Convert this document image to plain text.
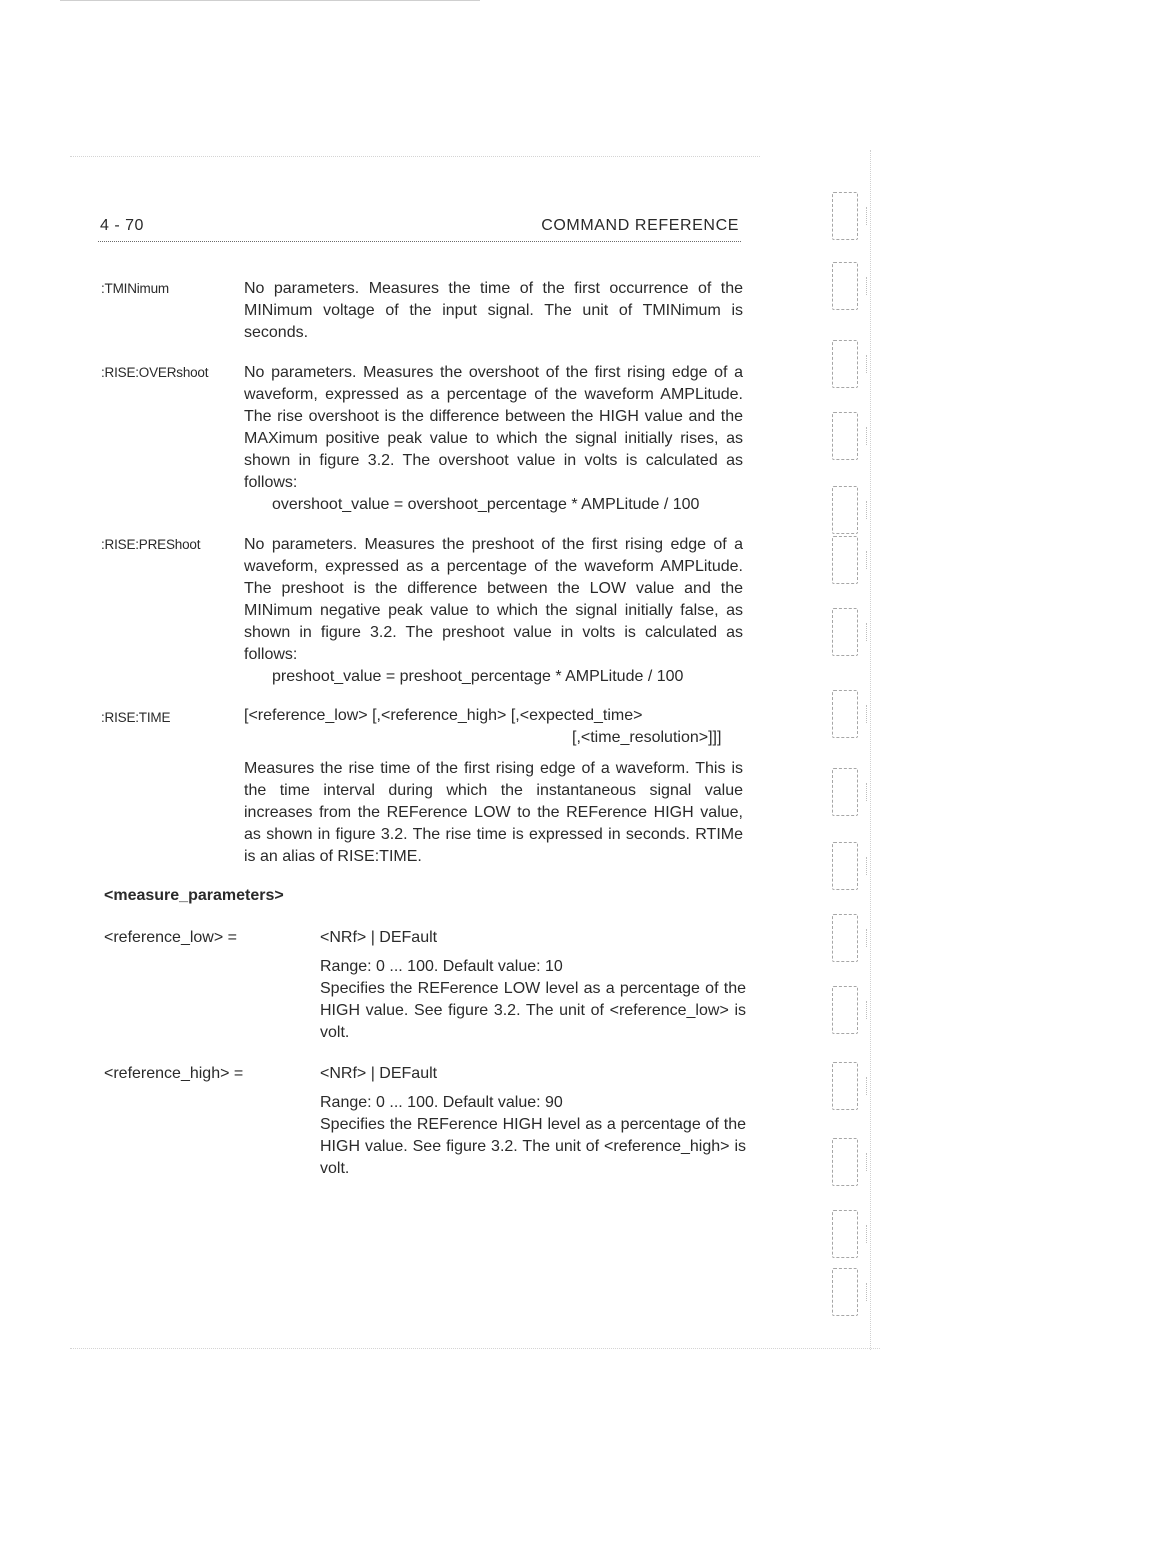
4 - 70	COMMAND REFERENCE
:TMINimum	No parameters. Measures the time of the first occurrence of the MINimum voltage of the input signal. The unit of TMINimum is seconds.

:RISE:OVERshoot No parameters. Measures the overshoot of the first rising edge of a waveform, expressed as a percentage of the waveform AMPLitude. The rise overshoot is the difference between the HIGH value and the MAXimum positive peak value to which the signal initially rises, as shown in figure 3.2. The overshoot value in volts is calculated as follows:

overshoot_value = overshoot_percentage * AMPLitude / 100
:RISE:PREShoot	No parameters. Measures the preshoot of the first rising edge of a waveform, expressed as a percentage of the waveform AMPLitude. The preshoot is the difference between the LOW value and the MINimum negative peak value to which the signal initially false, as shown in figure 3.2. The preshoot value in volts is calculated as follows:

preshoot_value = preshoot_percentage * AMPLitude / 100
:RISE:TIME	[<reference_low> [,<reference_high> [,<expected_time>
[,<time_resolution>]]]

Measures the rise time of the first rising edge of a waveform. This is the time interval during which the instantaneous signal value increases from the REFerence LOW to the REFerence HIGH value, as shown in figure 3.2. The rise time is expressed in seconds. RTIMe is an alias of RISE:TIME.

<measure_parameters>
<reference_low> =	<NRf> | DEFault

Range: 0 ... 100. Default value: 10

Specifies the REFerence LOW level as a percentage of the HIGH value. See figure 3.2. The unit of <reference_low> is volt.

<reference_high> =	<NRf> | DEFault

Range: 0 ... 100. Default value: 90

Specifies the REFerence HIGH level as a percentage of the HIGH value. See figure 3.2. The unit of <reference_high> is volt.
